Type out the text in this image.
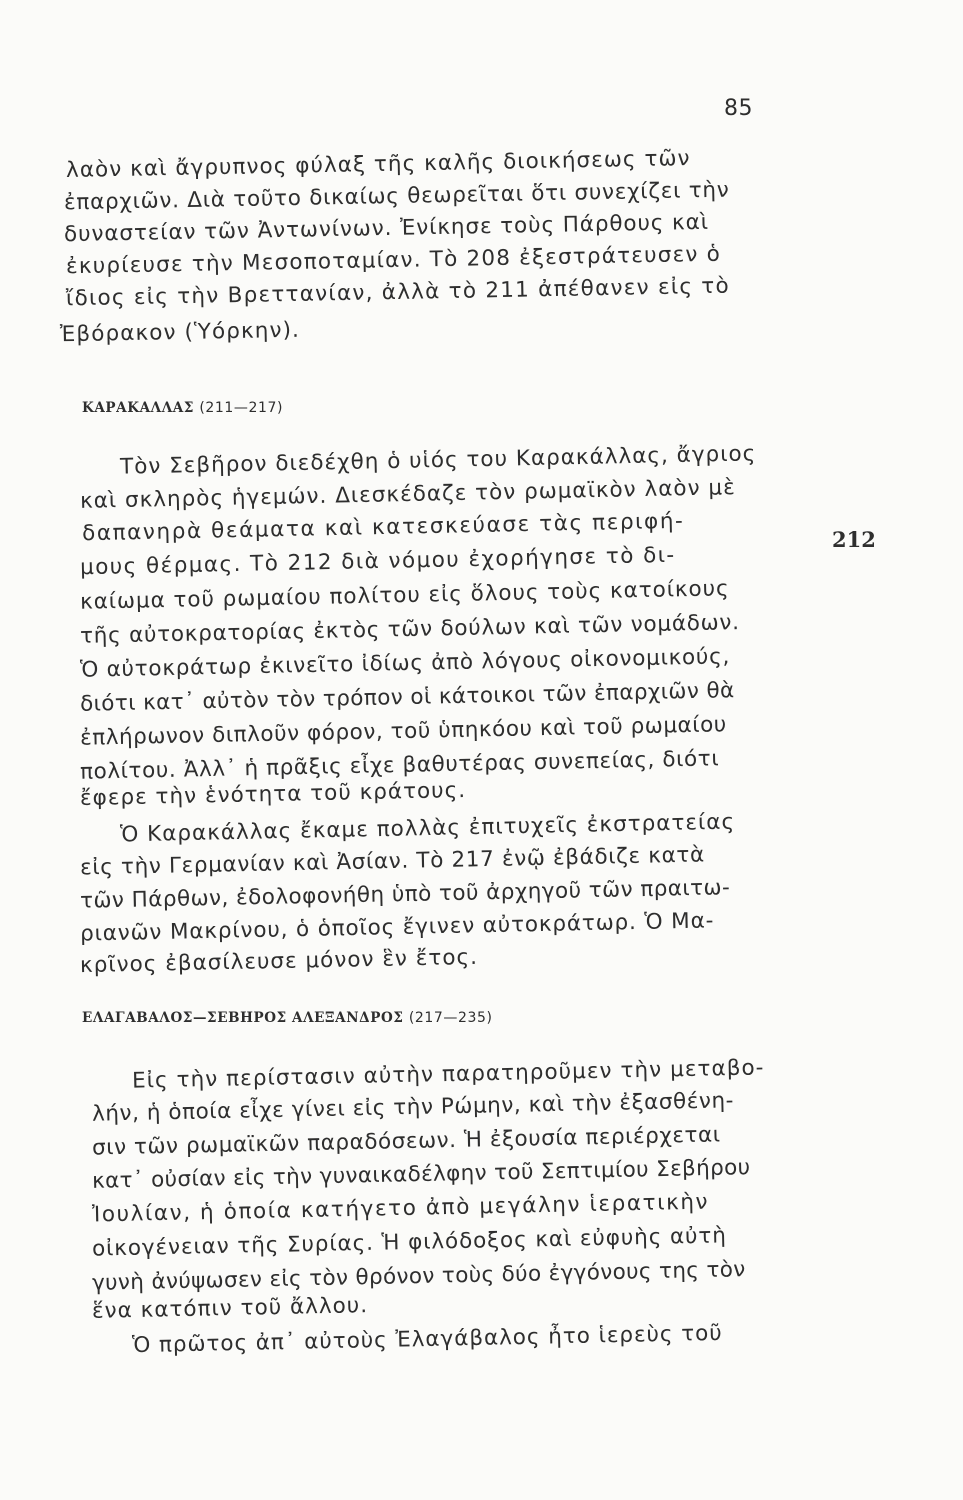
85
λαὸν καὶ ἄγρυπνος φύλαξ τῆς καλῆς διοικήσεως τῶν
ἐπαρχιῶν. Διὰ τοῦτο δικαίως θεωρεῖται ὅτι συνεχίζει τὴν
δυναστείαν τῶν Ἀντωνίνων. Ἐνίκησε τοὺς Πάρθους καὶ
ἐκυρίευσε τὴν Μεσοποταμίαν. Τὸ 208 ἐξεστράτευσεν ὁ
ἴδιος εἰς τὴν Βρεττανίαν, ἀλλὰ τὸ 211 ἀπέθανεν εἰς τὸ
Ἐβόρακον (Ὑόρκην).
ΚΑΡΑΚΑΛΛΑΣ (211—217)
Τὸν Σεβῆρον διεδέχθη ὁ υἱός του Καρακάλλας, ἄγριος
καὶ σκληρὸς ἡγεμών. Διεσκέδαζε τὸν ρωμαϊκὸν λαὸν μὲ
δαπανηρὰ θεάματα καὶ κατεσκεύασε τὰς περιφή-	212
μους θέρμας. Τὸ 212 διὰ νόμου ἐχορήγησε τὸ δι-
καίωμα τοῦ ρωμαίου πολίτου εἰς ὅλους τοὺς κατοίκους
τῆς αὐτοκρατορίας ἐκτὸς τῶν δούλων καὶ τῶν νομάδων.
Ὁ αὐτοκράτωρ ἐκινεῖτο ἰδίως ἀπὸ λόγους οἰκονομικούς,
διότι κατ᾿ αὐτὸν τὸν τρόπον οἱ κάτοικοι τῶν ἐπαρχιῶν θὰ
ἐπλήρωνον διπλοῦν φόρον, τοῦ ὑπηκόου καὶ τοῦ ρωμαίου
πολίτου. Ἀλλ᾿ ἡ πρᾶξις εἶχε βαθυτέρας συνεπείας, διότι
ἔφερε τὴν ἑνότητα τοῦ κράτους.
Ὁ Καρακάλλας ἔκαμε πολλὰς ἐπιτυχεῖς ἐκστρατείας
εἰς τὴν Γερμανίαν καὶ Ἀσίαν. Τὸ 217 ἐνῷ ἐβάδιζε κατὰ
τῶν Πάρθων, ἐδολοφονήθη ὑπὸ τοῦ ἀρχηγοῦ τῶν πραιτω-
ριανῶν Μακρίνου, ὁ ὁποῖος ἔγινεν αὐτοκράτωρ. Ὁ Μα-
κρῖνος ἐβασίλευσε μόνον ἓν ἔτος.
ΕΛΑΓΑΒΑΛΟΣ—ΣΕΒΗΡΟΣ ΑΛΕΞΑΝΔΡΟΣ (217—235)
Εἰς τὴν περίστασιν αὐτὴν παρατηροῦμεν τὴν μεταβο-
λήν, ἡ ὁποία εἶχε γίνει εἰς τὴν Ρώμην, καὶ τὴν ἐξασθένη-
σιν τῶν ρωμαϊκῶν παραδόσεων. Ἡ ἐξουσία περιέρχεται
κατ᾿ οὐσίαν εἰς τὴν γυναικαδέλφην τοῦ Σεπτιμίου Σεβήρου
Ἰουλίαν, ἡ ὁποία κατήγετο ἀπὸ μεγάλην ἱερατικὴν
οἰκογένειαν τῆς Συρίας. Ἡ φιλόδοξος καὶ εὐφυὴς αὐτὴ
γυνὴ ἀνύψωσεν εἰς τὸν θρόνον τοὺς δύο ἐγγόνους της τὸν
ἕνα κατόπιν τοῦ ἄλλου.
Ὁ πρῶτος ἀπ᾿ αὐτοὺς Ἐλαγάβαλος ἦτο ἱερεὺς τοῦ
